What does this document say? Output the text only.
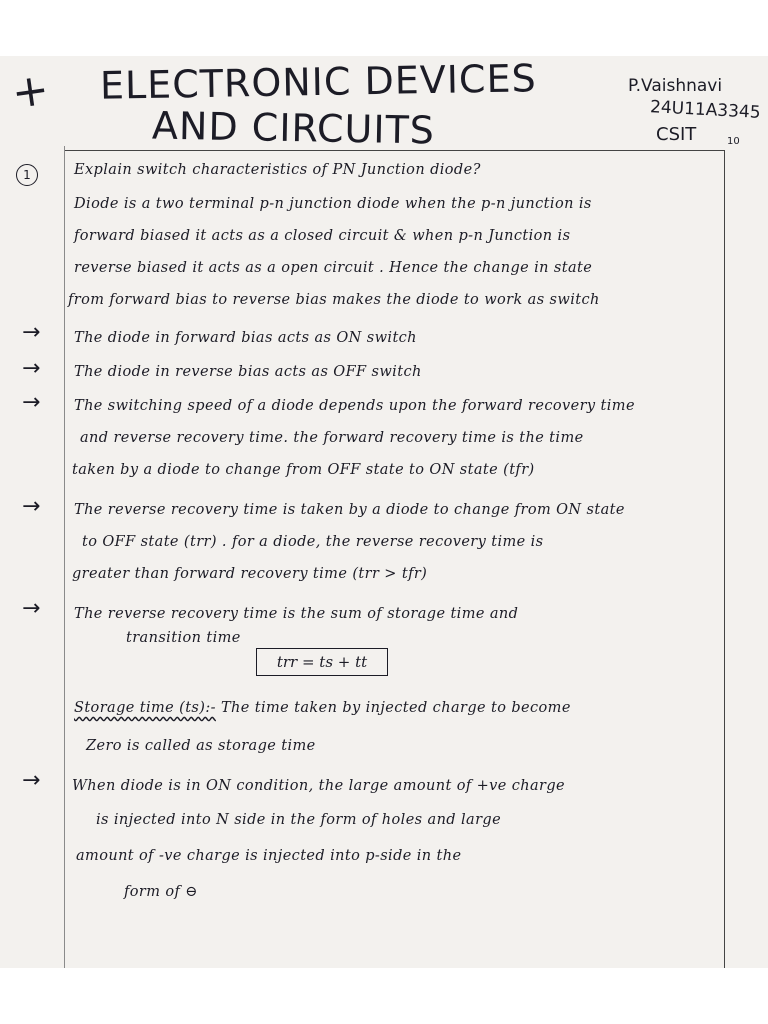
+ ELECTRONIC DEVICES
AND CIRCUITS
P.Vaishnavi
24U11A3345
CSIT	10
1	Explain switch characteristics of PN Junction diode?
Diode is a two terminal p-n junction diode when the p-n junction is
forward biased it acts as a closed circuit & when p-n Junction is
reverse biased it acts as a open circuit . Hence the change in state
from forward bias to reverse bias makes the diode to work as switch
→ The diode in forward bias acts as ON switch
→ The diode in reverse bias acts as OFF switch
→ The switching speed of a diode depends upon the forward recovery time
and reverse recovery time. the forward recovery time is the time
taken by a diode to change from OFF state to ON state (tfr)
→ The reverse recovery time is taken by a diode to change from ON state
to OFF state (trr) . for a diode, the reverse recovery time is
greater than forward recovery time (trr > tfr)
→ The reverse recovery time is the sum of storage time and
transition time
trr = ts + tt
Storage time (ts):- The time taken by injected charge to become
Zero is called as storage time
→ When diode is in ON condition, the large amount of +ve charge
is injected into N side in the form of holes and large
amount of -ve charge is injected into p-side in the
form of ⊖
